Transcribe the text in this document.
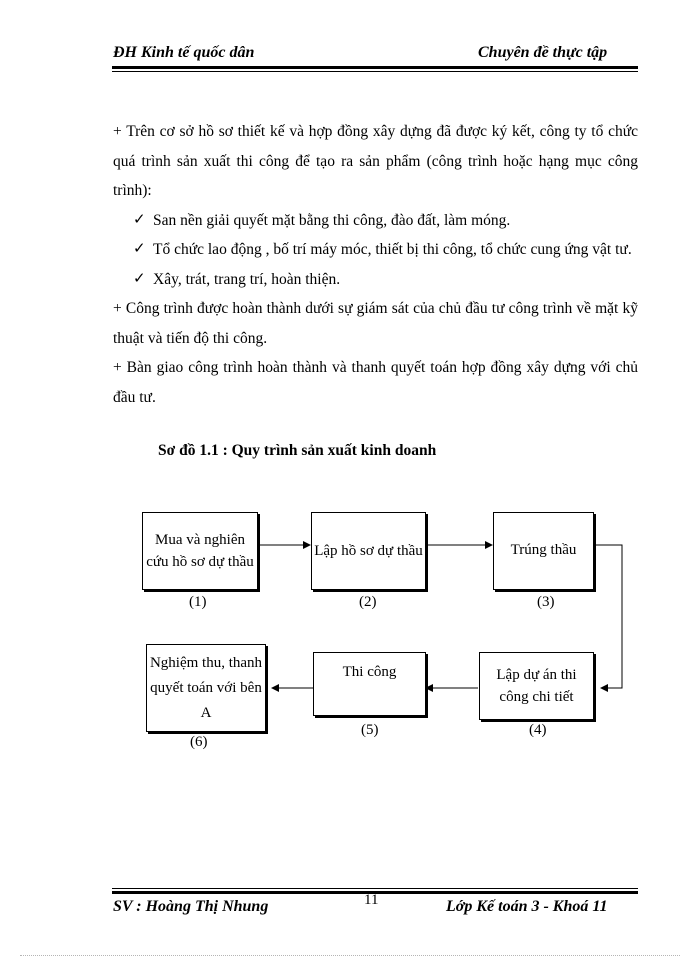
ĐH Kinh tế quốc dân	Chuyên đề thực tập

+ Trên cơ sở hồ sơ thiết kế và hợp đồng xây dựng đã được ký kết, công ty tổ chức quá trình sản xuất thi công để tạo ra sản phẩm (công trình hoặc hạng mục công trình):

✓ San nền giải quyết mặt bằng thi công, đào đất, làm móng.
✓ Tổ chức lao động , bố trí máy móc, thiết bị thi công, tổ chức cung ứng vật tư.
✓ Xây, trát, trang trí, hoàn thiện.

+ Công trình được hoàn thành dưới sự giám sát của chủ đầu tư công trình về mặt kỹ thuật và tiến độ thi công.

+ Bàn giao công trình hoàn thành và thanh quyết toán hợp đồng xây dựng với chủ đầu tư.

Sơ đồ 1.1 : Quy trình sản xuất kinh doanh
Mua và nghiên cứu hồ sơ dự thầu
(1)
Lập hồ sơ dự thầu
(2)
Trúng thầu
(3)
Lập dự án thi công chi tiết
(4)
Thi công
(5)
Nghiệm thu, thanh quyết toán với bên A
(6)
SV : Hoàng Thị Nhung	11	Lớp Kế toán 3 - Khoá 11
